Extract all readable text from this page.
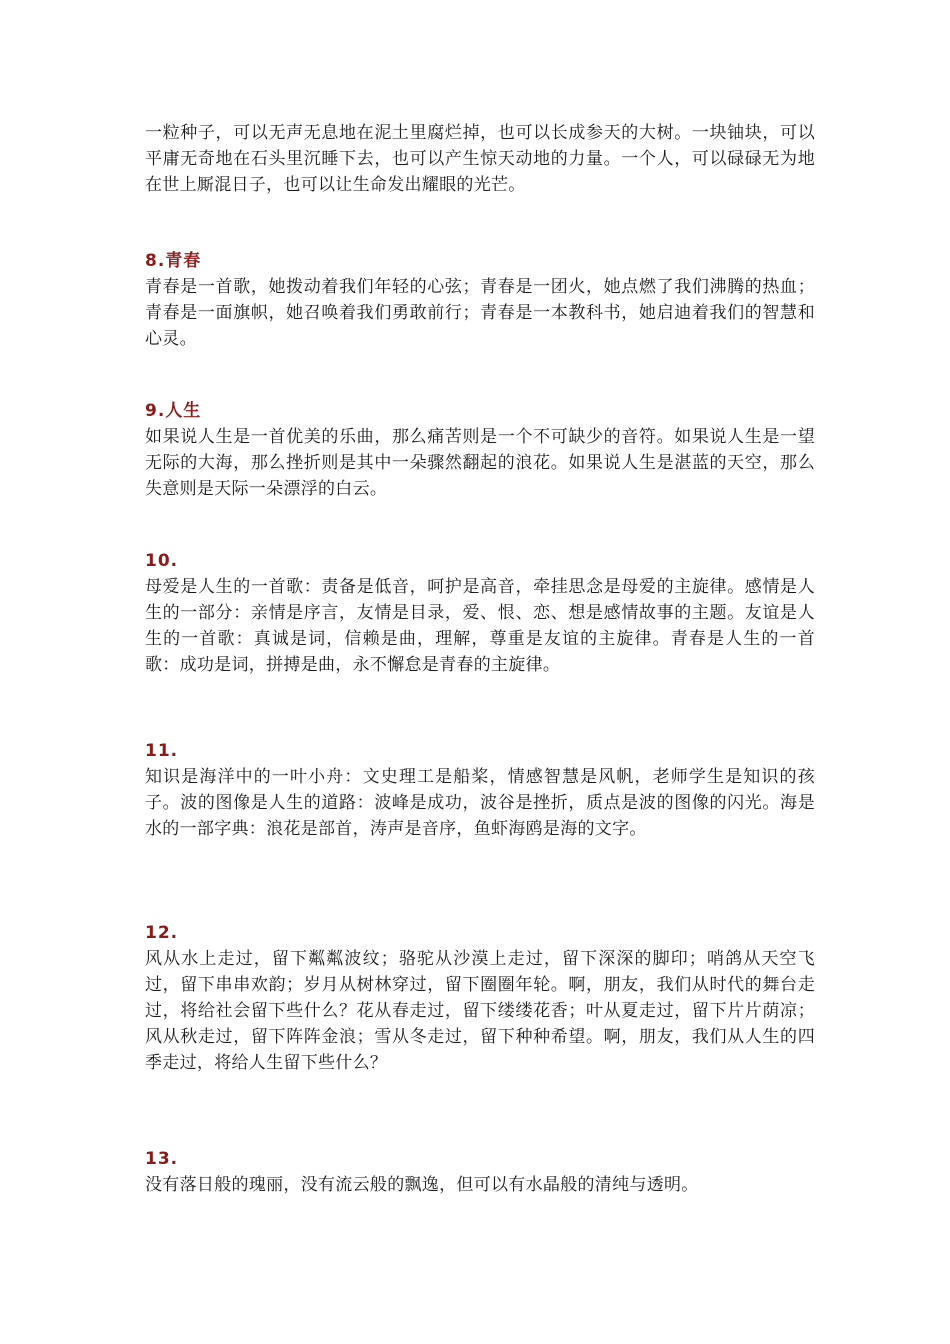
一粒种子，可以无声无息地在泥土里腐烂掉，也可以长成参天的大树。一块铀块，可以平庸无奇地在石头里沉睡下去，也可以产生惊天动地的力量。一个人，可以碌碌无为地在世上厮混日子，也可以让生命发出耀眼的光芒。

8.青春

青春是一首歌，她拨动着我们年轻的心弦；青春是一团火，她点燃了我们沸腾的热血；青春是一面旗帜，她召唤着我们勇敢前行；青春是一本教科书，她启迪着我们的智慧和心灵。

9.人生

如果说人生是一首优美的乐曲，那么痛苦则是一个不可缺少的音符。如果说人生是一望无际的大海，那么挫折则是其中一朵骤然翻起的浪花。如果说人生是湛蓝的天空，那么失意则是天际一朵漂浮的白云。

10.

母爱是人生的一首歌：责备是低音，呵护是高音，牵挂思念是母爱的主旋律。感情是人生的一部分：亲情是序言，友情是目录，爱、恨、恋、想是感情故事的主题。友谊是人生的一首歌：真诚是词，信赖是曲，理解，尊重是友谊的主旋律。青春是人生的一首歌：成功是词，拼搏是曲，永不懈怠是青春的主旋律。

11.

知识是海洋中的一叶小舟：文史理工是船桨，情感智慧是风帆，老师学生是知识的孩子。波的图像是人生的道路：波峰是成功，波谷是挫折，质点是波的图像的闪光。海是水的一部字典：浪花是部首，涛声是音序，鱼虾海鸥是海的文字。

12.

风从水上走过，留下粼粼波纹；骆驼从沙漠上走过，留下深深的脚印；哨鸽从天空飞过，留下串串欢韵；岁月从树林穿过，留下圈圈年轮。啊，朋友，我们从时代的舞台走过，将给社会留下些什么？花从春走过，留下缕缕花香；叶从夏走过，留下片片荫凉；风从秋走过，留下阵阵金浪；雪从冬走过，留下种种希望。啊，朋友，我们从人生的四季走过，将给人生留下些什么？

13.

没有落日般的瑰丽，没有流云般的飘逸，但可以有水晶般的清纯与透明。
